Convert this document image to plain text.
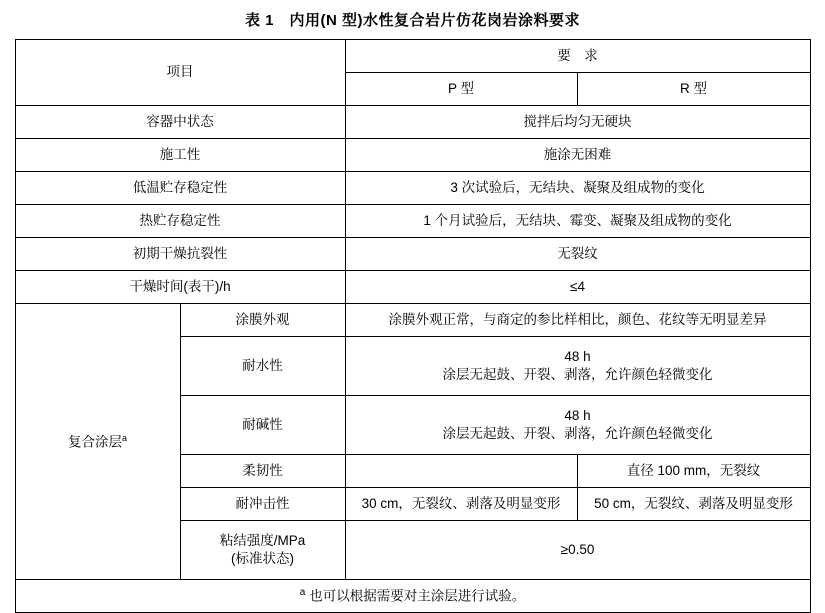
表 1　内用(N 型)水性复合岩片仿花岗岩涂料要求
项目		要　求	
		P 型	R 型
容器中状态		搅拌后均匀无硬块	
施工性		施涂无困难	
低温贮存稳定性		3 次试验后，无结块、凝聚及组成物的变化	
热贮存稳定性		1 个月试验后，无结块、霉变、凝聚及组成物的变化	
初期干燥抗裂性		无裂纹	
干燥时间(表干)/h		≤4	
复合涂层$^a$	涂膜外观	涂膜外观正常，与商定的参比样相比，颜色、花纹等无明显差异	
	耐水性	48 h
涂层无起鼓、开裂、剥落，允许颜色轻微变化	

	耐碱性	48 h
涂层无起鼓、开裂、剥落，允许颜色轻微变化	

	柔韧性		直径 100 mm，无裂纹
	耐冲击性	30 cm，无裂纹、剥落及明显变形	50 cm，无裂纹、剥落及明显变形

	粘结强度/MPa
(标准状态)	≥0.50	
$^a$ 也可以根据需要对主涂层进行试验。			
